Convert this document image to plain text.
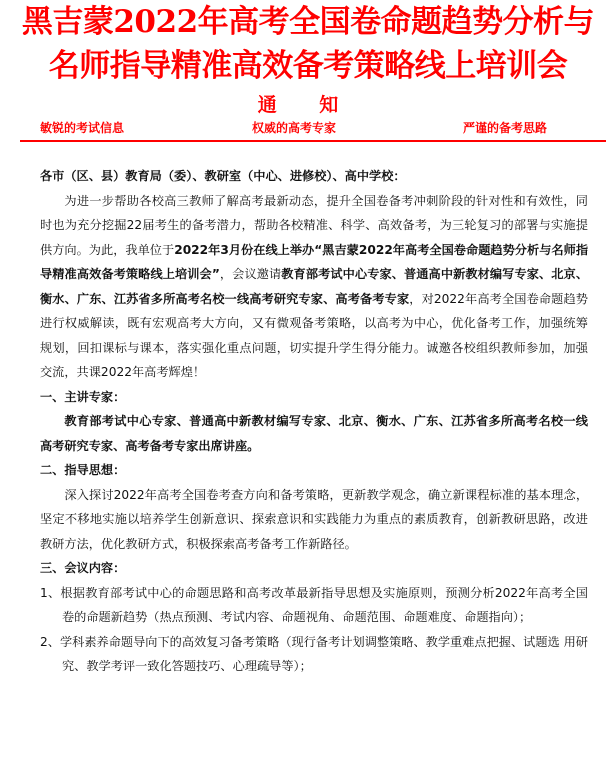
黑吉蒙2022年高考全国卷命题趋势分析与
名师指导精准高效备考策略线上培训会
通 知
敏锐的考试信息	权威的高考专家	严谨的备考思路

各市（区、县）教育局（委）、教研室（中心、进修校）、高中学校：

为进一步帮助各校高三教师了解高考最新动态，提升全国卷备考冲刺阶段的针对性和有效性，同时也为充分挖掘22届考生的备考潜力，帮助各校精准、科学、高效备考，为三轮复习的部署与实施提供方向。为此，我单位于2022年3月份在线上举办“黑吉蒙2022年高考全国卷命题趋势分析与名师指导精准高效备考策略线上培训会”，会议邀请教育部考试中心专家、普通高中新教材编写专家、北京、衡水、广东、江苏省多所高考名校一线高考研究专家、高考备考专家，对2022年高考全国卷命题趋势进行权威解读，既有宏观高考大方向，又有微观备考策略，以高考为中心，优化备考工作，加强统筹规划，回扣课标与课本，落实强化重点问题，切实提升学生得分能力。诚邀各校组织教师参加，加强交流，共课2022年高考辉煌！

一、主讲专家：

教育部考试中心专家、普通高中新教材编写专家、北京、衡水、广东、江苏省多所高考名校一线高考研究专家、高考备考专家出席讲座。

二、指导思想：

深入探讨2022年高考全国卷考查方向和备考策略，更新教学观念，确立新课程标准的基本理念，坚定不移地实施以培养学生创新意识、探索意识和实践能力为重点的素质教育，创新教研思路，改进教研方法，优化教研方式，积极探索高考备考工作新路径。

三、会议内容：

1、根据教育部考试中心的命题思路和高考改革最新指导思想及实施原则，预测分析2022年高考全国卷的命题新趋势（热点预测、考试内容、命题视角、命题范围、命题难度、命题指向）；

2、学科素养命题导向下的高效复习备考策略（现行备考计划调整策略、教学重难点把握、试题选 用研究、教学考评一致化答题技巧、心理疏导等）；
